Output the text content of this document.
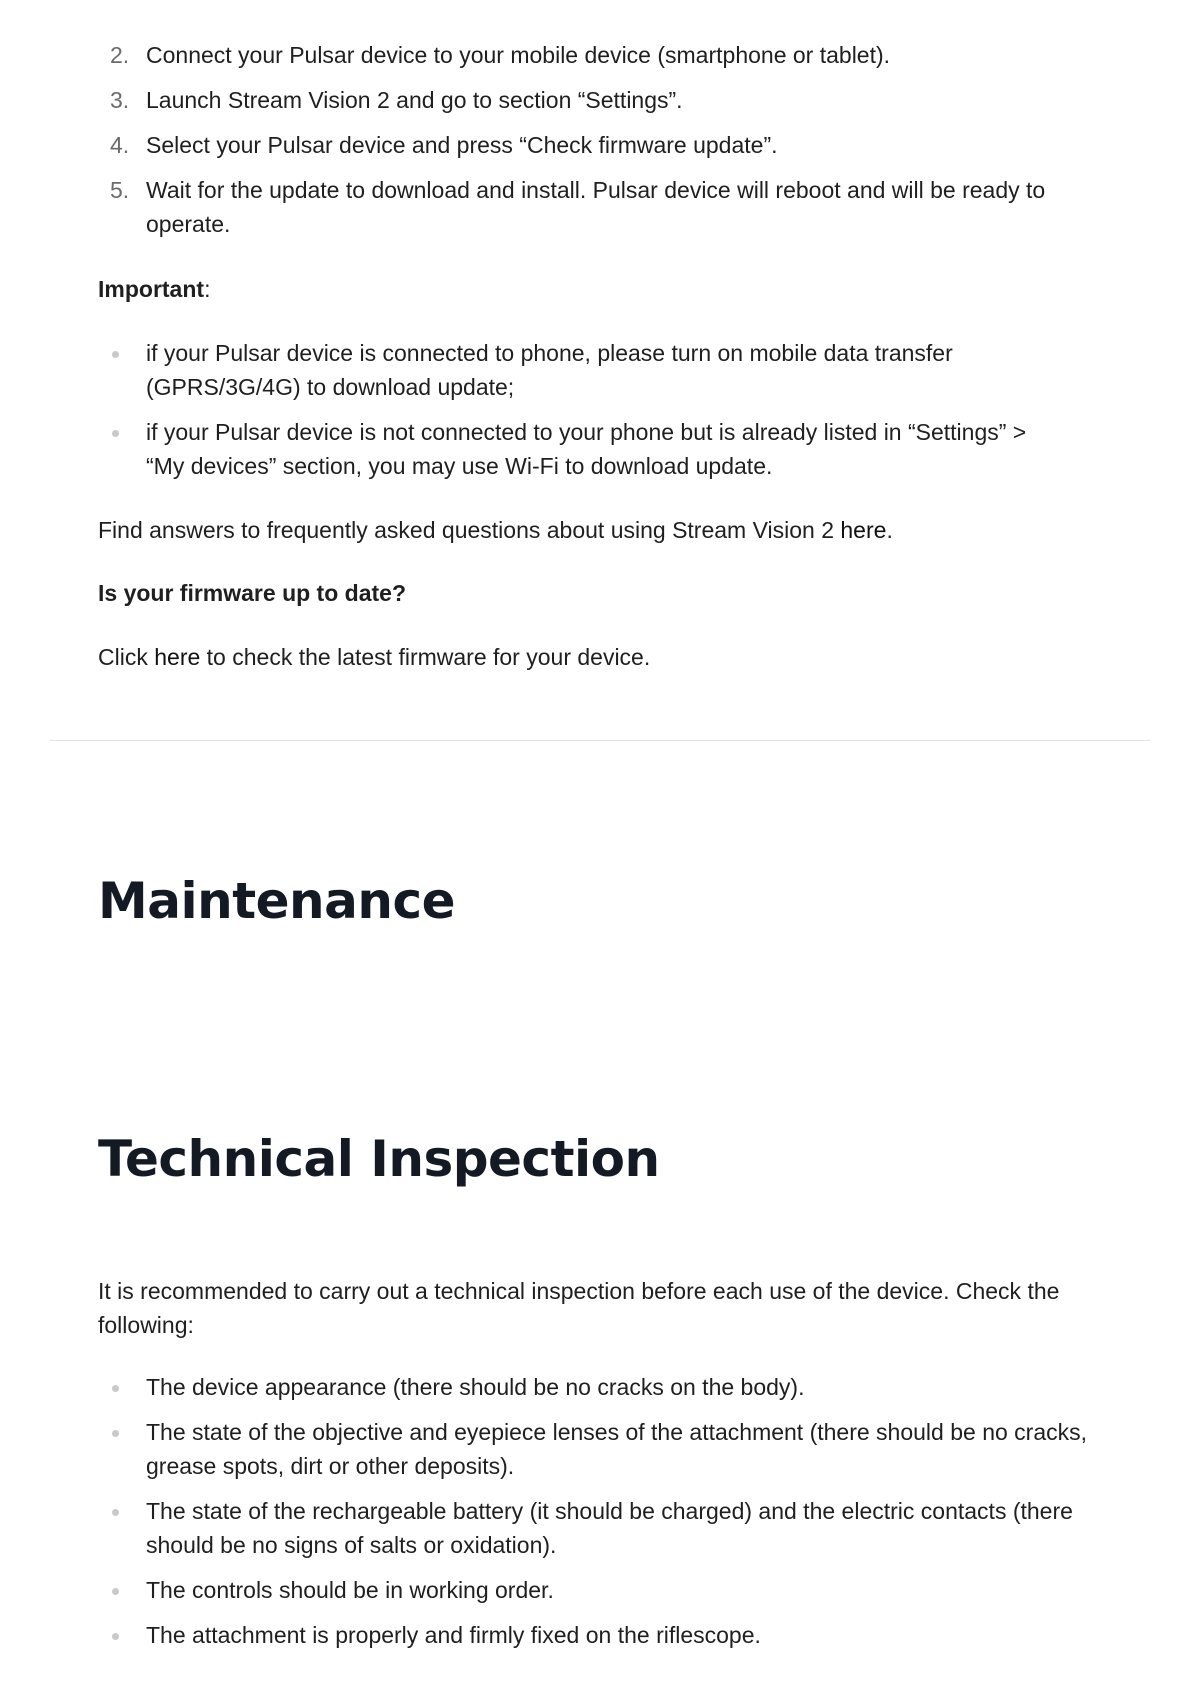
2. Connect your Pulsar device to your mobile device (smartphone or tablet).
3. Launch Stream Vision 2 and go to section “Settings”.
4. Select your Pulsar device and press “Check firmware update”.
5. Wait for the update to download and install. Pulsar device will reboot and will be ready to operate.

Important:

if your Pulsar device is connected to phone, please turn on mobile data transfer (GPRS/3G/4G) to download update;
if your Pulsar device is not connected to your phone but is already listed in “Settings” > “My devices” section, you may use Wi-Fi to download update.

Find answers to frequently asked questions about using Stream Vision 2 here.

Is your firmware up to date?

Click here to check the latest firmware for your device.

Maintenance
Technical Inspection

It is recommended to carry out a technical inspection before each use of the device. Check the following:

The device appearance (there should be no cracks on the body).
The state of the objective and eyepiece lenses of the attachment (there should be no cracks, grease spots, dirt or other deposits).
The state of the rechargeable battery (it should be charged) and the electric contacts (there should be no signs of salts or oxidation).
The controls should be in working order.
The attachment is properly and firmly fixed on the riflescope.
